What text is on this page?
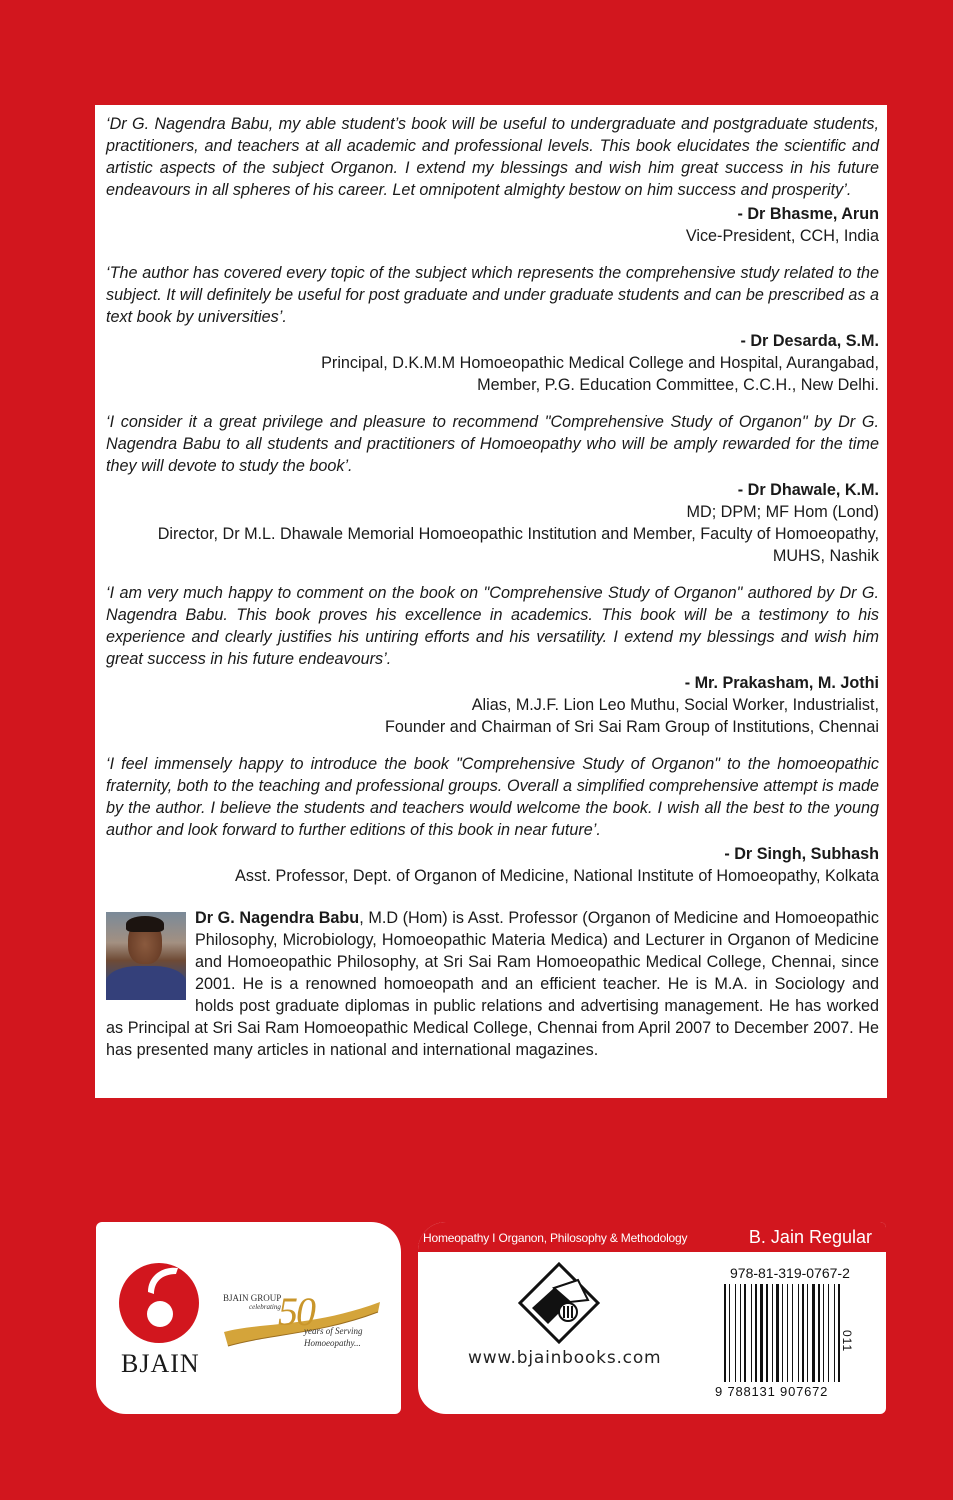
‘Dr G. Nagendra Babu, my able student’s book will be useful to undergraduate and postgraduate students, practitioners, and teachers at all academic and professional levels. This book elucidates the scientific and artistic aspects of the subject Organon. I extend my blessings and wish him great success in his future endeavours in all spheres of his career. Let omnipotent almighty bestow on him success and prosperity’.

- Dr Bhasme, Arun
Vice-President, CCH, India

‘The author has covered every topic of the subject which represents the comprehensive study related to the subject. It will definitely be useful for post graduate and under graduate students and can be prescribed as a text book by universities’.

- Dr Desarda, S.M.
Principal, D.K.M.M Homoeopathic Medical College and Hospital, Aurangabad,
Member, P.G. Education Committee, C.C.H., New Delhi.

‘I consider it a great privilege and pleasure to recommend "Comprehensive Study of Organon" by Dr G. Nagendra Babu to all students and practitioners of Homoeopathy who will be amply rewarded for the time they will devote to study the book’.

- Dr Dhawale, K.M.
MD; DPM; MF Hom (Lond)
Director, Dr M.L. Dhawale Memorial Homoeopathic Institution and Member, Faculty of Homoeopathy,
MUHS, Nashik

‘I am very much happy to comment on the book on "Comprehensive Study of Organon" authored by Dr G. Nagendra Babu. This book proves his excellence in academics. This book will be a testimony to his experience and clearly justifies his untiring efforts and his versatility. I extend my blessings and wish him great success in his future endeavours’.

- Mr. Prakasham, M. Jothi
Alias, M.J.F. Lion Leo Muthu, Social Worker, Industrialist,
Founder and Chairman of Sri Sai Ram Group of Institutions, Chennai

‘I feel immensely happy to introduce the book "Comprehensive Study of Organon" to the homoeopathic fraternity, both to the teaching and professional groups. Overall a simplified comprehensive attempt is made by the author. I believe the students and teachers would welcome the book. I wish all the best to the young author and look forward to further editions of this book in near future’.

- Dr Singh, Subhash
Asst. Professor, Dept. of Organon of Medicine, National Institute of Homoeopathy, Kolkata

Dr G. Nagendra Babu, M.D (Hom) is Asst. Professor (Organon of Medicine and Homoeopathic Philosophy, Microbiology, Homoeopathic Materia Medica) and Lecturer in Organon of Medicine and Homoeopathic Philosophy, at Sri Sai Ram Homoeopathic Medical College, Chennai, since 2001. He is a renowned homoeopath and an efficient teacher. He is M.A. in Sociology and holds post graduate diplomas in public relations and advertising management. He has worked as Principal at Sri Sai Ram Homoeopathic Medical College, Chennai from April 2007 to December 2007. He has presented many articles in national and international magazines.
BJAIN
BJAIN GROUP
celebrating
50
years of Serving
Homoeopathy...
Homeopathy I Organon, Philosophy & Methodology	B. Jain Regular
www.bjainbooks.com
978-81-319-0767-2
9 788131 907672
011
